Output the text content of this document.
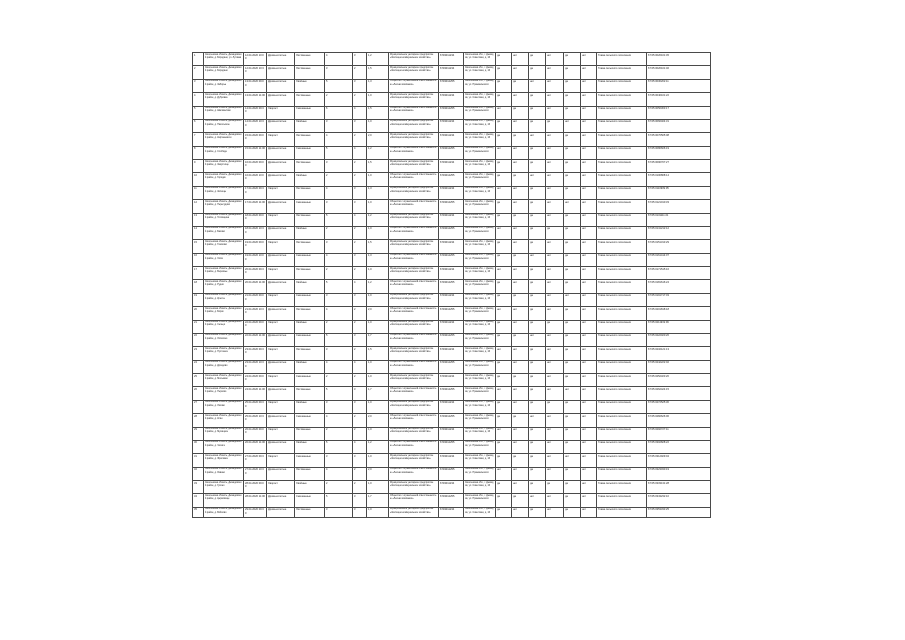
1	Смоленская область, Демидовский район, д. Бородино, ул. Луговая	12.04.2020 10:00	Дрова-колотые	Лиственные	4	3	1,2	Муниципальное унитарное предприятие «Жилищно-коммунальное хозяйство»	6703011234	Смоленская обл., г. Демидов, ул. Советская, д. 16	да	нет	да	нет	да	нет	Глава сельского поселения	67:05:0020101:45
2	Смоленская область, Демидовский район, д. Бородино	12.04.2020 10:30	Дрова-колотые	Лиственные	3	2	1,5	Муниципальное унитарное предприятие «Жилищно-коммунальное хозяйство»	6703011234	Смоленская обл., г. Демидов, ул. Советская, д. 16	да	нет	да	нет	да	нет	Глава сельского поселения	67:05:0020101:46
3	Смоленская область, Демидовский район, д. Заборье	13.04.2020 09:00	Дрова-колотые	Хвойные	5	3	1,3	Общество с ограниченной ответственностью «Лесная компания»	6703012255	Смоленская обл., г. Демидов, ул. Пржевальского	да	да	нет	нет	да	нет	Глава сельского поселения	67:05:0030202:11
4	Смоленская область, Демидовский район, д. Дубровка	13.04.2020 11:00	Дрова-колотые	Лиственные	2	2	1,0	Муниципальное унитарное предприятие «Жилищно-коммунальное хозяйство»	6703011234	Смоленская обл., г. Демидов, ул. Советская, д. 16	да	нет	да	нет	да	нет	Глава сельского поселения	67:05:0040101:22
5	Смоленская область, Демидовский район, д. Шаповалово	14.04.2020 09:30	Хворост	Смешанные	6	4	1,5	Общество с ограниченной ответственностью «Лесная компания»	6703012255	Смоленская обл., г. Демидов, ул. Пржевальского	нет	да	да	нет	да	нет	Глава сельского поселения	67:05:0050303:17
6	Смоленская область, Демидовский район, д. Никольское	14.04.2020 10:30	Дрова-колотые	Хвойные	3	3	1,0	Муниципальное унитарное предприятие «Жилищно-коммунальное хозяйство»	6703011234	Смоленская обл., г. Демидов, ул. Советская, д. 16	да	нет	да	да	нет	нет	Глава сельского поселения	67:05:0060404:31
7	Смоленская область, Демидовский район, д. Карташевичи	15.04.2020 09:00	Хворост	Лиственные	4	2	2,0	Муниципальное унитарное предприятие «Жилищно-коммунальное хозяйство»	6703011234	Смоленская обл., г. Демидов, ул. Советская, д. 16	да	да	нет	нет	да	нет	Глава сельского поселения	67:05:0070505:08
8	Смоленская область, Демидовский район, д. Слобода	15.04.2020 11:00	Дрова-колотые	Смешанные	5	4	1,2	Общество с ограниченной ответственностью «Лесная компания»	6703012255	Смоленская обл., г. Демидов, ул. Пржевальского	нет	нет	да	нет	да	нет	Глава сельского поселения	67:05:0080606:19
9	Смоленская область, Демидовский район, д. Закустище	16.04.2020 09:00	Дрова-колотые	Лиственные	3	2	1,5	Муниципальное унитарное предприятие «Жилищно-коммунальное хозяйство»	6703011234	Смоленская обл., г. Демидов, ул. Советская, д. 16	да	нет	да	нет	да	нет	Глава сельского поселения	67:05:0090707:27
10	Смоленская область, Демидовский район, д. Городок	16.04.2020 10:00	Дрова-колотые	Хвойные	2	2	1,0	Общество с ограниченной ответственностью «Лесная компания»	6703012255	Смоленская обл., г. Демидов, ул. Пржевальского	да	да	нет	нет	да	нет	Глава сельского поселения	67:05:0100808:14
11	Смоленская область, Демидовский район, д. Жичицы	17.04.2020 09:30	Хворост	Лиственные	4	3	1,3	Муниципальное унитарное предприятие «Жилищно-коммунальное хозяйство»	6703011234	Смоленская обл., г. Демидов, ул. Советская, д. 16	нет	нет	да	нет	да	нет	Глава сельского поселения	67:05:0110909:05
12	Смоленская область, Демидовский район, д. Пересудово	17.04.2020 11:00	Дрова-колотые	Смешанные	3	3	1,0	Общество с ограниченной ответственностью «Лесная компания»	6703012255	Смоленская обл., г. Демидов, ул. Пржевальского	да	нет	да	нет	нет	нет	Глава сельского поселения	67:05:0121010:33
13	Смоленская область, Демидовский район, д. Титовщина	18.04.2020 09:00	Хворост	Лиственные	5	4	1,2	Муниципальное унитарное предприятие «Жилищно-коммунальное хозяйство»	6703011234	Смоленская обл., г. Демидов, ул. Советская, д. 16	да	да	да	нет	да	нет	Глава сельского поселения	67:05:0131111:21
14	Смоленская область, Демидовский район, д. Бахово	18.04.2020 10:30	Дрова-колотые	Хвойные	2	2	1,0	Общество с ограниченной ответственностью «Лесная компания»	6703012255	Смоленская обл., г. Демидов, ул. Пржевальского	нет	нет	да	да	да	нет	Глава сельского поселения	67:05:0141212:12
15	Смоленская область, Демидовский район, д. Гласково	19.04.2020 09:00	Хворост	Лиственные	3	2	1,5	Муниципальное унитарное предприятие «Жилищно-коммунальное хозяйство»	6703011234	Смоленская обл., г. Демидов, ул. Советская, д. 16	да	нет	да	нет	да	нет	Глава сельского поселения	67:05:0151313:29
16	Смоленская область, Демидовский район, д. Холм	19.04.2020 10:00	Дрова-колотые	Смешанные	4	3	1,3	Общество с ограниченной ответственностью «Лесная компания»	6703012255	Смоленская обл., г. Демидов, ул. Пржевальского	да	да	нет	нет	да	нет	Глава сельского поселения	67:05:0161414:07
17	Смоленская область, Демидовский район, д. Верховье	20.04.2020 09:30	Хворост	Лиственные	2	2	1,0	Муниципальное унитарное предприятие «Жилищно-коммунальное хозяйство»	6703011234	Смоленская обл., г. Демидов, ул. Советская, д. 16	нет	нет	да	нет	да	нет	Глава сельского поселения	67:05:0171515:16
18	Смоленская область, Демидовский район, д. Рудня	20.04.2020 11:00	Дрова-колотые	Хвойные	5	4	1,2	Общество с ограниченной ответственностью «Лесная компания»	6703012255	Смоленская обл., г. Демидов, ул. Пржевальского	да	нет	да	нет	да	нет	Глава сельского поселения	67:05:0181616:24
19	Смоленская область, Демидовский район, д. Кресты	21.04.2020 09:00	Хворост	Смешанные	3	3	1,0	Муниципальное унитарное предприятие «Жилищно-коммунальное хозяйство»	6703011234	Смоленская обл., г. Демидов, ул. Советская, д. 16	да	да	да	нет	нет	нет	Глава сельского поселения	67:05:0191717:03
20	Смоленская область, Демидовский район, д. Борок	21.04.2020 10:30	Дрова-колотые	Лиственные	4	2	2,0	Общество с ограниченной ответственностью «Лесная компания»	6703012255	Смоленская обл., г. Демидов, ул. Пржевальского	нет	нет	да	нет	да	нет	Глава сельского поселения	67:05:0201818:18
21	Смоленская область, Демидовский район, д. Сельцо	22.04.2020 09:00	Хворост	Хвойные	2	2	1,0	Муниципальное унитарное предприятие «Жилищно-коммунальное хозяйство»	6703011234	Смоленская обл., г. Демидов, ул. Советская, д. 16	да	нет	да	да	да	нет	Глава сельского поселения	67:05:0211919:09
22	Смоленская область, Демидовский район, д. Лопатино	22.04.2020 11:00	Дрова-колотые	Смешанные	5	3	1,7	Общество с ограниченной ответственностью «Лесная компания»	6703012255	Смоленская обл., г. Демидов, ул. Пржевальского	да	да	нет	нет	да	нет	Глава сельского поселения	67:05:0222020:26
23	Смоленская область, Демидовский район, д. Пустошка	23.04.2020 09:30	Хворост	Лиственные	3	2	1,5	Муниципальное унитарное предприятие «Жилищно-коммунальное хозяйство»	6703011234	Смоленская обл., г. Демидов, ул. Советская, д. 16	нет	нет	да	нет	да	нет	Глава сельского поселения	67:05:0232121:13
24	Смоленская область, Демидовский район, д. Дроздово	23.04.2020 10:30	Дрова-колотые	Хвойные	4	4	1,0	Общество с ограниченной ответственностью «Лесная компания»	6703012255	Смоленская обл., г. Демидов, ул. Пржевальского	да	нет	да	нет	да	нет	Глава сельского поселения	67:05:0242222:02
25	Смоленская область, Демидовский район, д. Мольково	24.04.2020 09:00	Хворост	Смешанные	2	2	1,0	Муниципальное унитарное предприятие «Жилищно-коммунальное хозяйство»	6703011234	Смоленская обл., г. Демидов, ул. Советская, д. 16	да	да	да	нет	да	нет	Глава сельского поселения	67:05:0252323:20
26	Смоленская область, Демидовский район, д. Перхово	24.04.2020 11:00	Дрова-колотые	Лиственные	5	3	1,7	Общество с ограниченной ответственностью «Лесная компания»	6703012255	Смоленская обл., г. Демидов, ул. Пржевальского	нет	нет	да	нет	нет	нет	Глава сельского поселения	67:05:0262424:15
27	Смоленская область, Демидовский район, д. Ляхово	25.04.2020 09:30	Хворост	Хвойные	3	3	1,0	Муниципальное унитарное предприятие «Жилищно-коммунальное хозяйство»	6703011234	Смоленская обл., г. Демидов, ул. Советская, д. 16	да	нет	да	да	да	нет	Глава сельского поселения	67:05:0272525:30
28	Смоленская область, Демидовский район, д. Клин	25.04.2020 10:30	Дрова-колотые	Смешанные	4	2	2,0	Общество с ограниченной ответственностью «Лесная компания»	6703012255	Смоленская обл., г. Демидов, ул. Пржевальского	да	да	нет	нет	да	нет	Глава сельского поселения	67:05:0282626:06
29	Смоленская область, Демидовский район, д. Мужицкое	26.04.2020 09:00	Хворост	Лиственные	2	2	1,0	Муниципальное унитарное предприятие «Жилищно-коммунальное хозяйство»	6703011234	Смоленская обл., г. Демидов, ул. Советская, д. 16	нет	нет	да	нет	да	нет	Глава сельского поселения	67:05:0292727:11
30	Смоленская область, Демидовский район, д. Чичата	26.04.2020 11:00	Дрова-колотые	Хвойные	5	4	1,2	Общество с ограниченной ответственностью «Лесная компания»	6703012255	Смоленская обл., г. Демидов, ул. Пржевальского	да	нет	да	нет	да	нет	Глава сельского поселения	67:05:0302828:22
31	Смоленская область, Демидовский район, д. Фроловка	27.04.2020 09:30	Хворост	Смешанные	3	3	1,0	Муниципальное унитарное предприятие «Жилищно-коммунальное хозяйство»	6703011234	Смоленская обл., г. Демидов, ул. Советская, д. 16	да	да	да	нет	нет	нет	Глава сельского поселения	67:05:0312929:04
32	Смоленская область, Демидовский район, д. Язвино	27.04.2020 10:30	Дрова-колотые	Лиственные	4	2	2,0	Общество с ограниченной ответственностью «Лесная компания»	6703012255	Смоленская обл., г. Демидов, ул. Пржевальского	нет	нет	да	нет	да	нет	Глава сельского поселения	67:05:0323030:19
33	Смоленская область, Демидовский район, д. Гусино	28.04.2020 09:00	Хворост	Хвойные	2	2	1,0	Муниципальное унитарное предприятие «Жилищно-коммунальное хозяйство»	6703011234	Смоленская обл., г. Демидов, ул. Советская, д. 16	да	нет	да	да	да	нет	Глава сельского поселения	67:05:0333131:28
34	Смоленская область, Демидовский район, д. Церковище	28.04.2020 11:00	Дрова-колотые	Смешанные	5	3	1,7	Общество с ограниченной ответственностью «Лесная компания»	6703012255	Смоленская обл., г. Демидов, ул. Пржевальского	да	да	нет	нет	да	нет	Глава сельского поселения	67:05:0343232:10
35	Смоленская область, Демидовский район, д. Войлово	29.04.2020 09:30	Дрова-колотые	Лиственные	3	3	1,0	Муниципальное унитарное предприятие «Жилищно-коммунальное хозяйство»	6703011234	Смоленская обл., г. Демидов, ул. Советская, д. 16	да	нет	да	нет	да	нет	Глава сельского поселения	67:05:0353333:25
